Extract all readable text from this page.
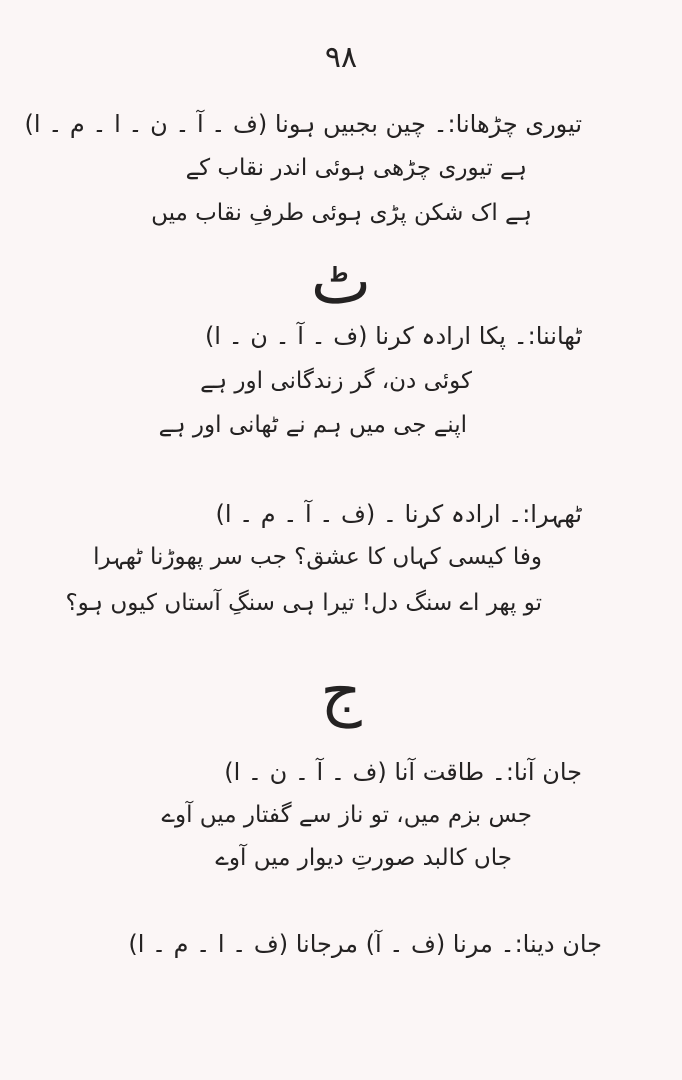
۹۸
تیوری چڑھانا:۔ چین بجبیں ہونا (ف ۔ آ ۔ ن ۔ ا ۔ م ۔ ا)
ہے تیوری چڑھی ہوئی اندر نقاب کے
ہے اک شکن پڑی ہوئی طرفِ نقاب میں
ٹ
ٹھاننا:۔ پکا ارادہ کرنا (ف ۔ آ ۔ ن ۔ ا)
کوئی دن، گر زندگانی اور ہے
اپنے جی میں ہم نے ٹھانی اور ہے
ٹھہرا:۔ ارادہ کرنا ۔ (ف ۔ آ ۔ م ۔ ا)
وفا کیسی کہاں کا عشق؟ جب سر پھوڑنا ٹھہرا
تو پھر اے سنگ دل! تیرا ہی سنگِ آستاں کیوں ہو؟
ج
جان آنا:۔ طاقت آنا (ف ۔ آ ۔ ن ۔ ا)
جس بزم میں، تو ناز سے گفتار میں آوے
جاں کالبد صورتِ دیوار میں آوے
جان دینا:۔ مرنا (ف ۔ آ) مرجانا (ف ۔ ا ۔ م ۔ ا)
